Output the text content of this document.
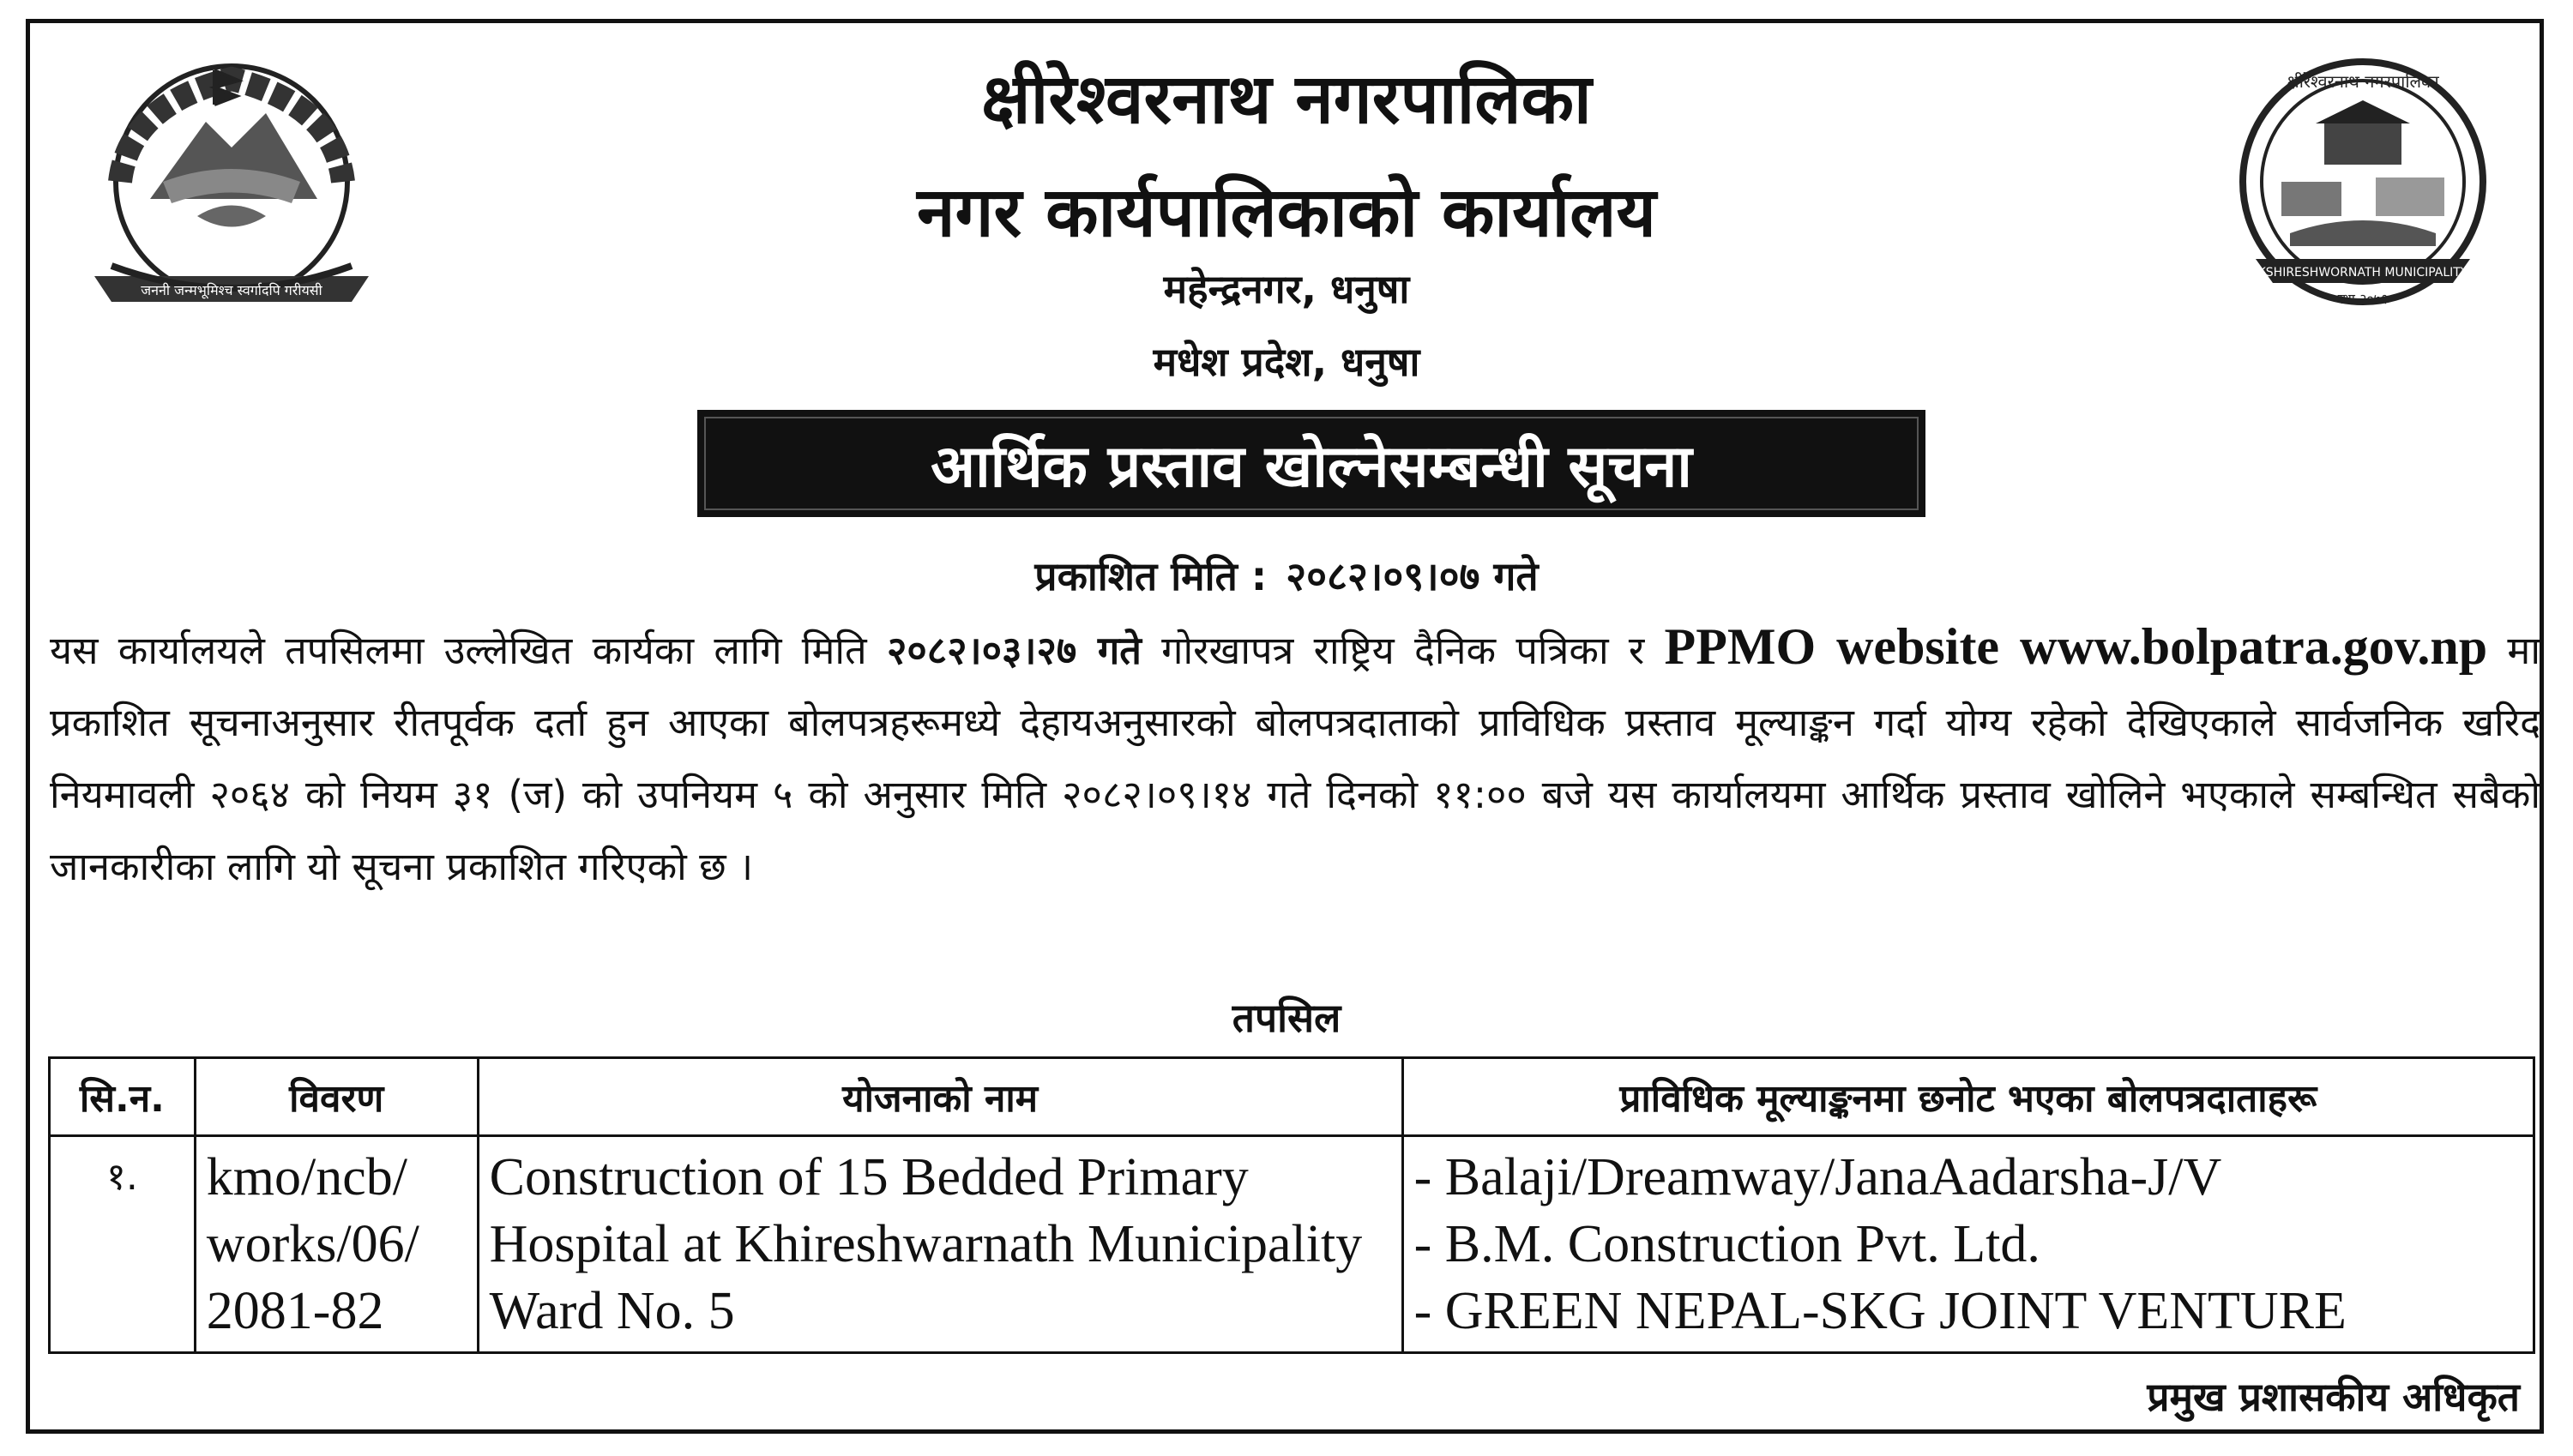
जननी जन्मभूमिश्च स्वर्गादपि गरीयसी
KSHIRESHWORNATH MUNICIPALITY
स्था २०७१
क्षीरेश्वरनाथ नगरपालिका
क्षीरेश्वरनाथ नगरपालिका
नगर कार्यपालिकाको कार्यालय
महेन्द्रनगर, धनुषा
मधेश प्रदेश, धनुषा
आर्थिक प्रस्ताव खोल्नेसम्बन्धी सूचना
प्रकाशित मिति : २०८२।०९।०७ गते
यस कार्यालयले तपसिलमा उल्लेखित कार्यका लागि मिति २०८२।०३।२७ गते गोरखापत्र राष्ट्रिय दैनिक पत्रिका र PPMO website www.bolpatra.gov.np मा प्रकाशित सूचनाअनुसार रीतपूर्वक दर्ता हुन आएका बोलपत्रहरूमध्ये देहायअनुसारको बोलपत्रदाताको प्राविधिक प्रस्ताव मूल्याङ्कन गर्दा योग्य रहेको देखिएकाले सार्वजनिक खरिद नियमावली २०६४ को नियम ३१ (ज) को उपनियम ५ को अनुसार मिति २०८२।०९।१४ गते दिनको ११:०० बजे यस कार्यालयमा आर्थिक प्रस्ताव खोलिने भएकाले सम्बन्धित सबैको जानकारीका लागि यो सूचना प्रकाशित गरिएको छ ।
तपसिल
सि.न.	विवरण	योजनाको नाम	प्राविधिक मूल्याङ्कनमा छनोट भएका बोलपत्रदाताहरू
१.	kmo/ncb/ works/06/ 2081-82	Construction of 15 Bedded Primary Hospital at Khireshwarnath Municipality Ward No. 5	- Balaji/Dreamway/JanaAadarsha-J/V
- B.M. Construction Pvt. Ltd.
- GREEN NEPAL-SKG JOINT VENTURE
प्रमुख प्रशासकीय अधिकृत
